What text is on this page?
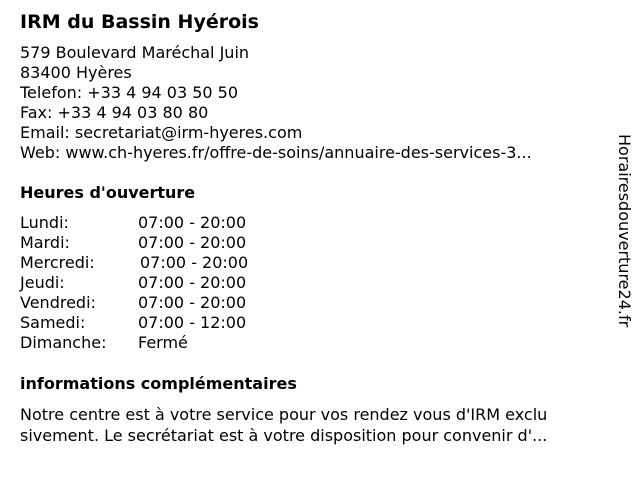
IRM du Bassin Hyérois
579 Boulevard Maréchal Juin
83400 Hyères
Telefon: +33 4 94 03 50 50
Fax: +33 4 94 03 80 80
Email: secretariat@irm-hyeres.com
Web: www.ch-hyeres.fr/offre-de-soins/annuaire-des-services-3...
Heures d'ouverture
Lundi:	07:00 - 20:00
Mardi:	07:00 - 20:00
Mercredi:	07:00 - 20:00
Jeudi:	07:00 - 20:00
Vendredi:	07:00 - 20:00
Samedi:	07:00 - 12:00
Dimanche: Fermé
informations complémentaires
Notre centre est à votre service pour vos rendez vous d'IRM exclu
sivement. Le secrétariat est à votre disposition pour convenir d'...
Horairesdouverture24.fr
